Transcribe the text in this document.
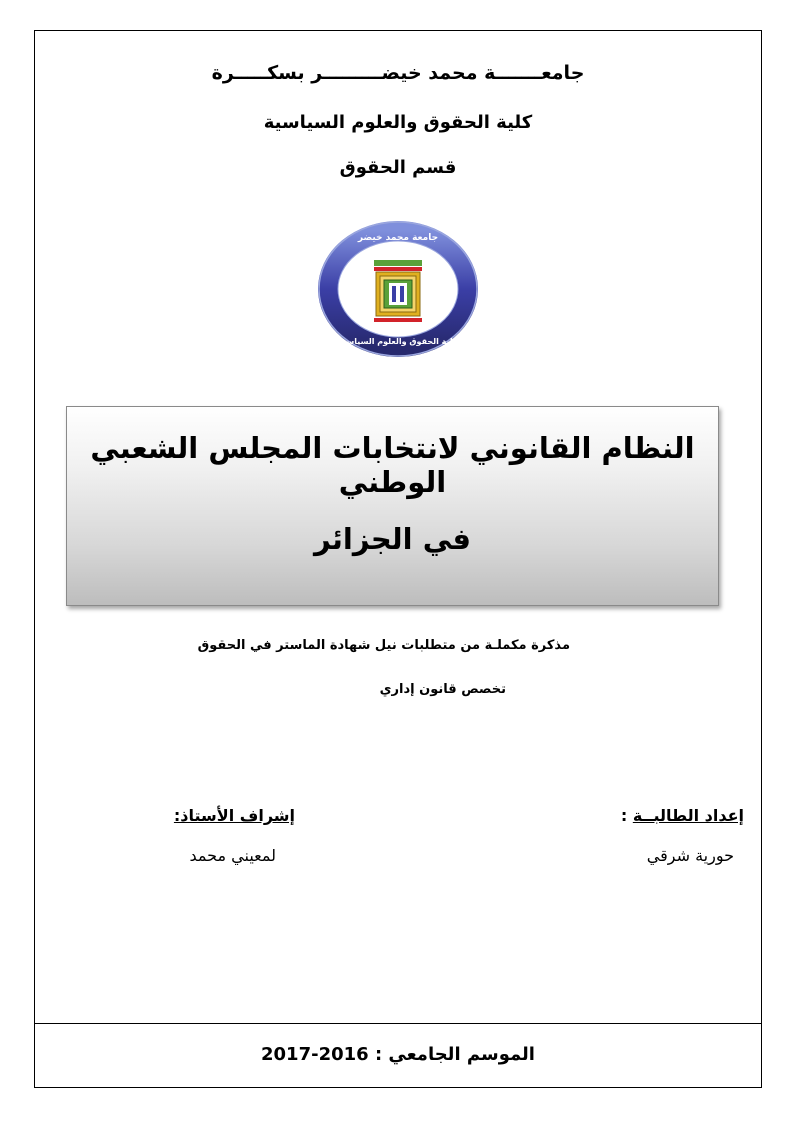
جامعـــــــة محمد خيضـــــــــر بسكـــــرة
كلية الحقوق والعلوم السياسية
قسم الحقوق
جامعة محمد خيضر
كلية الحقوق والعلوم السياسية
النظام القانوني لانتخابات المجلس الشعبي الوطني
في الجزائر
مذكرة مكملـة من متطلبات نيل شهادة الماستر في الحقوق
تخصص قانون إداري
إعداد الطالبــة :
إشراف الأستاذ:
حورية شرقي
لمعيني محمد
الموسم الجامعي : 2016-2017
